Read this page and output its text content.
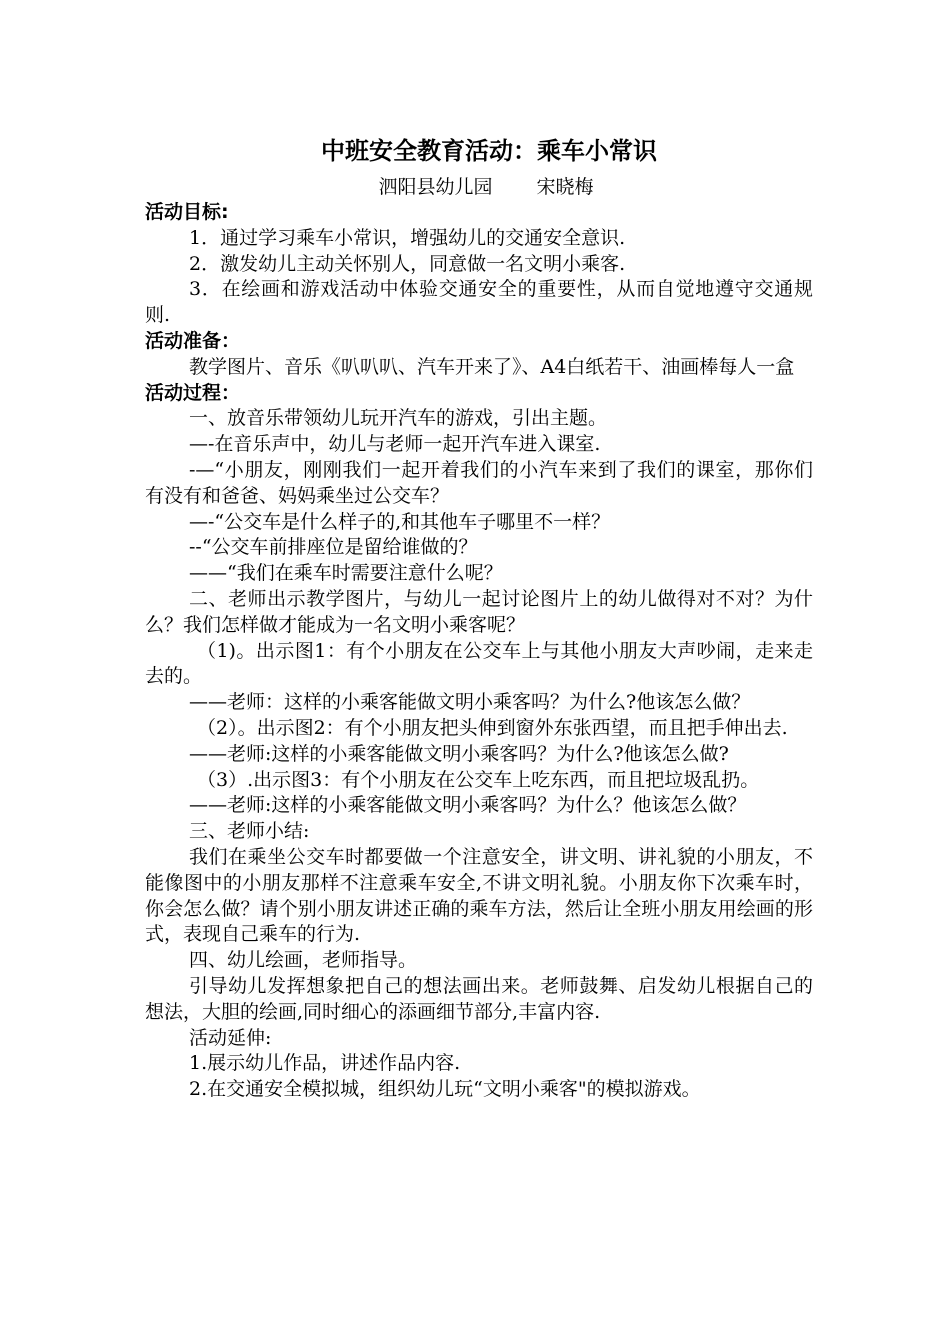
中班安全教育活动：乘车小常识
泗阳县幼儿园 宋晓梅
活动目标:

1．通过学习乘车小常识，增强幼儿的交通安全意识.

2．激发幼儿主动关怀别人，同意做一名文明小乘客.

3．在绘画和游戏活动中体验交通安全的重要性，从而自觉地遵守交通规则.

活动准备：

教学图片、音乐《叭叭叭、汽车开来了》、A4白纸若干、油画棒每人一盒

活动过程：

一、放音乐带领幼儿玩开汽车的游戏，引出主题。

—-在音乐声中，幼儿与老师一起开汽车进入课室.

-—“小朋友，刚刚我们一起开着我们的小汽车来到了我们的课室，那你们有没有和爸爸、妈妈乘坐过公交车？

—-“公交车是什么样子的,和其他车子哪里不一样？

--“公交车前排座位是留给谁做的？

——“我们在乘车时需要注意什么呢？

二、老师出示教学图片，与幼儿一起讨论图片上的幼儿做得对不对？为什么？我们怎样做才能成为一名文明小乘客呢？

（1)。出示图1：有个小朋友在公交车上与其他小朋友大声吵闹，走来走去的。

——老师：这样的小乘客能做文明小乘客吗？为什么?他该怎么做？

（2）。出示图2：有个小朋友把头伸到窗外东张西望，而且把手伸出去.

——老师:这样的小乘客能做文明小乘客吗？为什么?他该怎么做?

（3）.出示图3：有个小朋友在公交车上吃东西，而且把垃圾乱扔。

——老师:这样的小乘客能做文明小乘客吗？为什么？他该怎么做？

三、老师小结:

我们在乘坐公交车时都要做一个注意安全，讲文明、讲礼貌的小朋友，不能像图中的小朋友那样不注意乘车安全,不讲文明礼貌。小朋友你下次乘车时，你会怎么做？请个别小朋友讲述正确的乘车方法，然后让全班小朋友用绘画的形式，表现自己乘车的行为.

四、幼儿绘画，老师指导。

引导幼儿发挥想象把自己的想法画出来。老师鼓舞、启发幼儿根据自己的想法，大胆的绘画,同时细心的添画细节部分,丰富内容.

活动延伸:

1.展示幼儿作品，讲述作品内容.

2.在交通安全模拟城，组织幼儿玩“文明小乘客"的模拟游戏。
